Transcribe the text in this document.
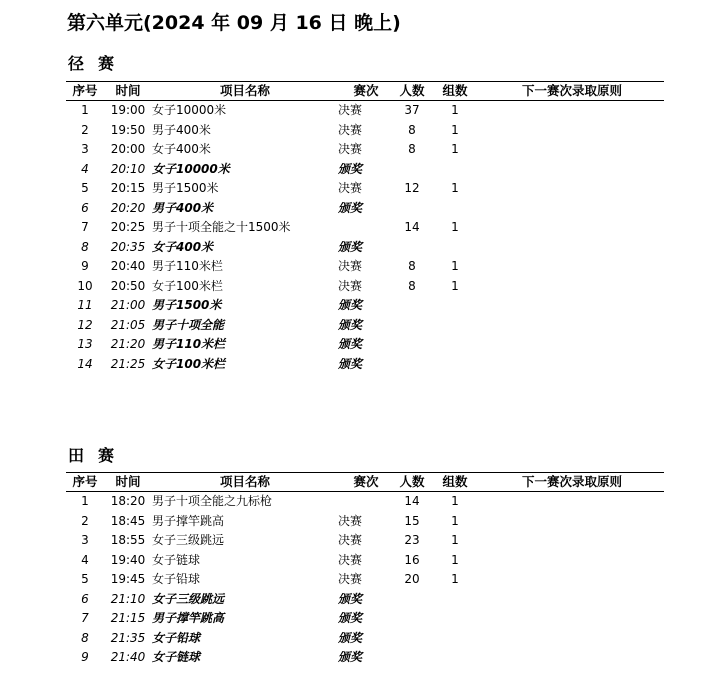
第六单元(2024 年 09 月 16 日 晚上)
径赛
序号	时间	项目名称	赛次	人数	组数	下一赛次录取原则
1	19:00	女子10000米	决赛	37	1	
2	19:50	男子400米	决赛	8	1	
3	20:00	女子400米	决赛	8	1	
4	20:10	女子10000米	颁奖			
5	20:15	男子1500米	决赛	12	1	
6	20:20	男子400米	颁奖			
7	20:25	男子十项全能之十1500米		14	1	
8	20:35	女子400米	颁奖			
9	20:40	男子110米栏	决赛	8	1	
10	20:50	女子100米栏	决赛	8	1	
11	21:00	男子1500米	颁奖			
12	21:05	男子十项全能	颁奖			
13	21:20	男子110米栏	颁奖			
14	21:25	女子100米栏	颁奖			
田赛
序号	时间	项目名称	赛次	人数	组数	下一赛次录取原则
1	18:20	男子十项全能之九标枪		14	1	
2	18:45	男子撑竿跳高	决赛	15	1	
3	18:55	女子三级跳远	决赛	23	1	
4	19:40	女子链球	决赛	16	1	
5	19:45	女子铅球	决赛	20	1	
6	21:10	女子三级跳远	颁奖			
7	21:15	男子撑竿跳高	颁奖			
8	21:35	女子铅球	颁奖			
9	21:40	女子链球	颁奖			
